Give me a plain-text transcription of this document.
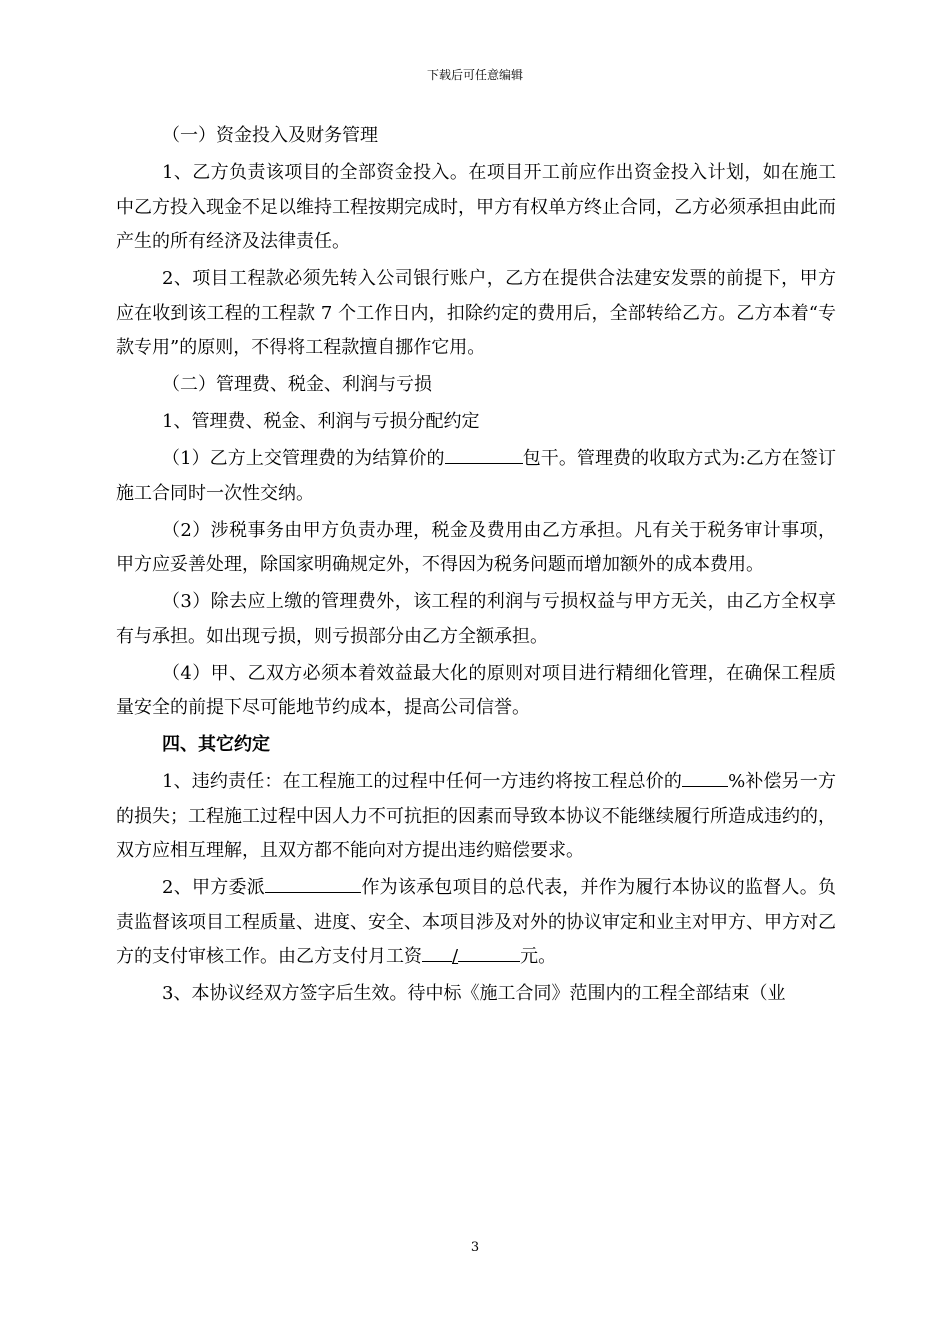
下载后可任意编辑

（一）资金投入及财务管理

1、乙方负责该项目的全部资金投入。在项目开工前应作出资金投入计划，如在施工中乙方投入现金不足以维持工程按期完成时，甲方有权单方终止合同，乙方必须承担由此而产生的所有经济及法律责任。

2、项目工程款必须先转入公司银行账户，乙方在提供合法建安发票的前提下，甲方应在收到该工程的工程款 7 个工作日内，扣除约定的费用后，全部转给乙方。乙方本着“专款专用”的原则，不得将工程款擅自挪作它用。

（二）管理费、税金、利润与亏损

1、管理费、税金、利润与亏损分配约定

（1）乙方上交管理费的为结算价的	包干。管理费的收取方式为:乙方在签订施工合同时一次性交纳。

（2）涉税事务由甲方负责办理，税金及费用由乙方承担。凡有关于税务审计事项，甲方应妥善处理，除国家明确规定外，不得因为税务问题而增加额外的成本费用。

（3）除去应上缴的管理费外，该工程的利润与亏损权益与甲方无关，由乙方全权享有与承担。如出现亏损，则亏损部分由乙方全额承担。

（4）甲、乙双方必须本着效益最大化的原则对项目进行精细化管理，在确保工程质量安全的前提下尽可能地节约成本，提高公司信誉。

四、其它约定

1、违约责任：在工程施工的过程中任何一方违约将按工程总价的	%补偿另一方的损失；工程施工过程中因人力不可抗拒的因素而导致本协议不能继续履行所造成违约的，双方应相互理解，且双方都不能向对方提出违约赔偿要求。

2、甲方委派	作为该承包项目的总代表，并作为履行本协议的监督人。负责监督该项目工程质量、进度、安全、本项目涉及对外的协议审定和业主对甲方、甲方对乙方的支付审核工作。由乙方支付月工资 /	元。

3、本协议经双方签字后生效。待中标《施工合同》范围内的工程全部结束（业

3
